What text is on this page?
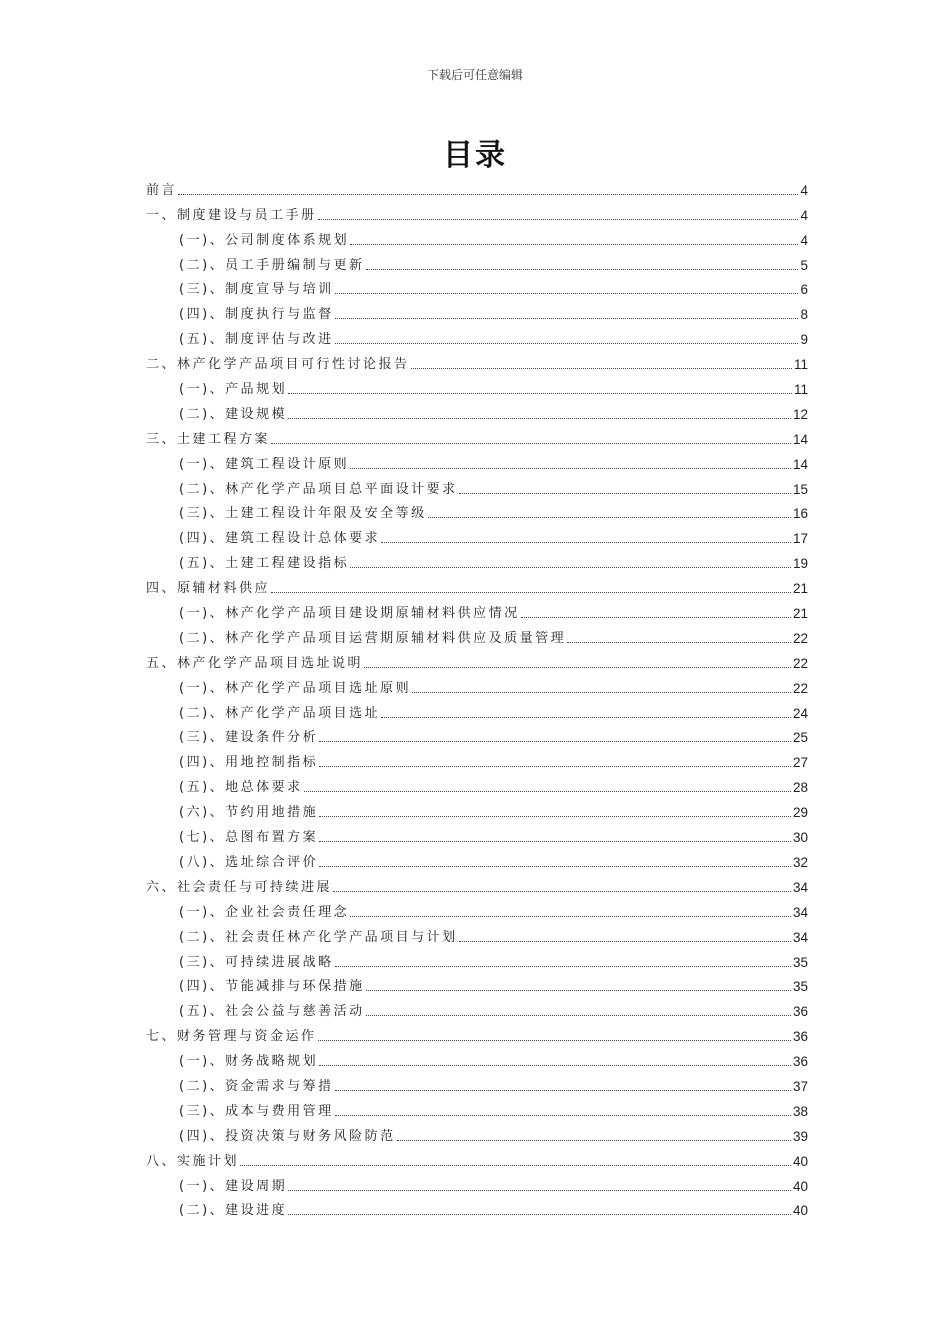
下载后可任意编辑
目录
前言	4
一、制度建设与员工手册	4
(一)、公司制度体系规划	4
(二)、员工手册编制与更新	5
(三)、制度宣导与培训	6
(四)、制度执行与监督	8
(五)、制度评估与改进	9
二、林产化学产品项目可行性讨论报告	11
(一)、产品规划	11
(二)、建设规模	12
三、土建工程方案	14
(一)、建筑工程设计原则	14
(二)、林产化学产品项目总平面设计要求	15
(三)、土建工程设计年限及安全等级	16
(四)、建筑工程设计总体要求	17
(五)、土建工程建设指标	19
四、原辅材料供应	21
(一)、林产化学产品项目建设期原辅材料供应情况	21
(二)、林产化学产品项目运营期原辅材料供应及质量管理	22
五、林产化学产品项目选址说明	22
(一)、林产化学产品项目选址原则	22
(二)、林产化学产品项目选址	24
(三)、建设条件分析	25
(四)、用地控制指标	27
(五)、地总体要求	28
(六)、节约用地措施	29
(七)、总图布置方案	30
(八)、选址综合评价	32
六、社会责任与可持续进展	34
(一)、企业社会责任理念	34
(二)、社会责任林产化学产品项目与计划	34
(三)、可持续进展战略	35
(四)、节能减排与环保措施	35
(五)、社会公益与慈善活动	36
七、财务管理与资金运作	36
(一)、财务战略规划	36
(二)、资金需求与筹措	37
(三)、成本与费用管理	38
(四)、投资决策与财务风险防范	39
八、实施计划	40
(一)、建设周期	40
(二)、建设进度	40
